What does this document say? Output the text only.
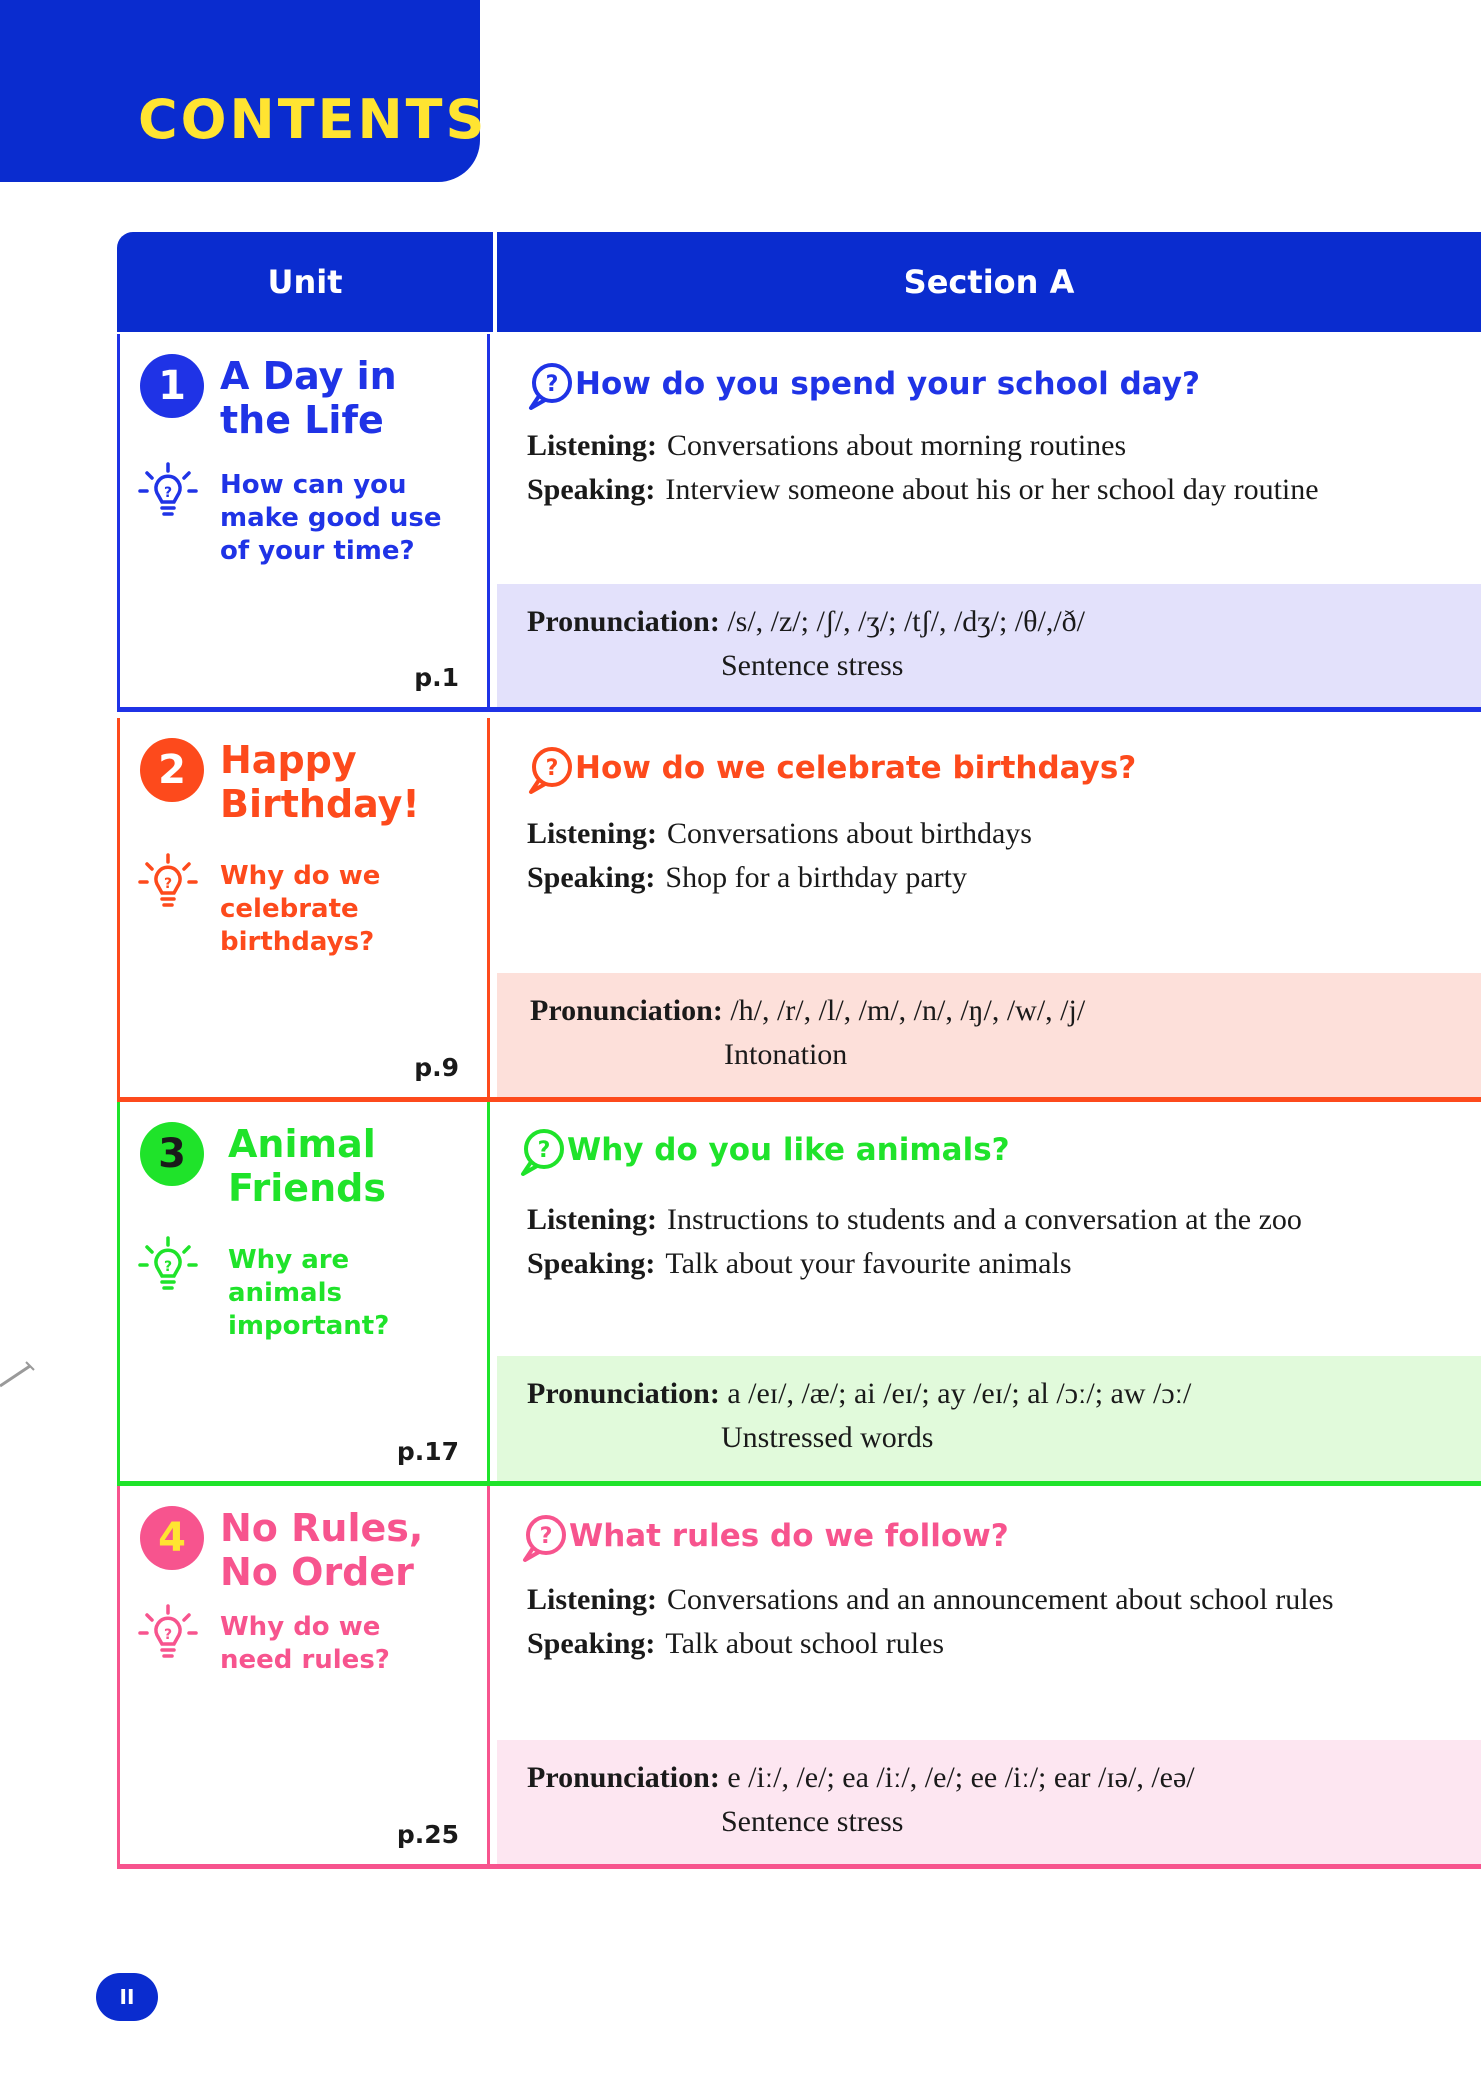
CONTENTS
Unit	Section A
Pronunciation: /s/, /z/; /ʃ/, /ʒ/; /tʃ/, /dʒ/; /θ/,/ð/
Sentence stress
1 A Day in the Life
? How can you make good use of your time?
p.1
? How do you spend your school day?
Listening: Conversations about morning routines
Speaking: Interview someone about his or her school day routine
Pronunciation: /h/, /r/, /l/, /m/, /n/, /ŋ/, /w/, /j/
Intonation
2 Happy Birthday!
? Why do we celebrate birthdays?
p.9
? How do we celebrate birthdays?
Listening: Conversations about birthdays
Speaking: Shop for a birthday party
Pronunciation: a /eɪ/, /æ/; ai /eɪ/; ay /eɪ/; al /ɔː/; aw /ɔː/
Unstressed words
3	Animal Friends
? Why are animals important?
p.17
? Why do you like animals?
Listening: Instructions to students and a conversation at the zoo
Speaking: Talk about your favourite animals
Pronunciation: e /iː/, /e/; ea /iː/, /e/; ee /iː/; ear /ɪə/, /eə/
Sentence stress
4 No Rules, No Order
? Why do we need rules?
p.25
? What rules do we follow?
Listening: Conversations and an announcement about school rules
Speaking: Talk about school rules
II
